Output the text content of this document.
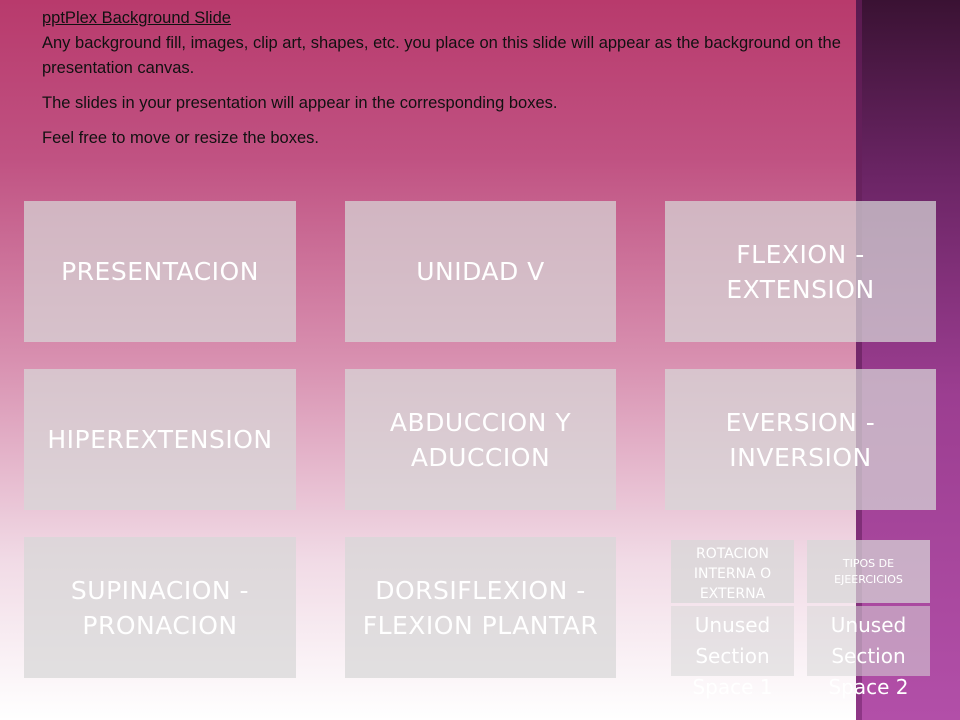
pptPlex Background Slide

Any background fill, images, clip art, shapes, etc. you place on this slide will appear as the background on the presentation canvas.

The slides in your presentation will appear in the corresponding boxes.

Feel free to move or resize the boxes.

PRESENTACION	UNIDAD V
FLEXION - EXTENSION
HIPEREXTENSION
ABDUCCION Y ADUCCION
EVERSION - INVERSION
SUPINACION - PRONACION
DORSIFLEXION - FLEXION PLANTAR	Unused Section Space 1
Unused Section Space 2
ROTACION INTERNA O EXTERNA
TIPOS DE EJEERCICIOS
